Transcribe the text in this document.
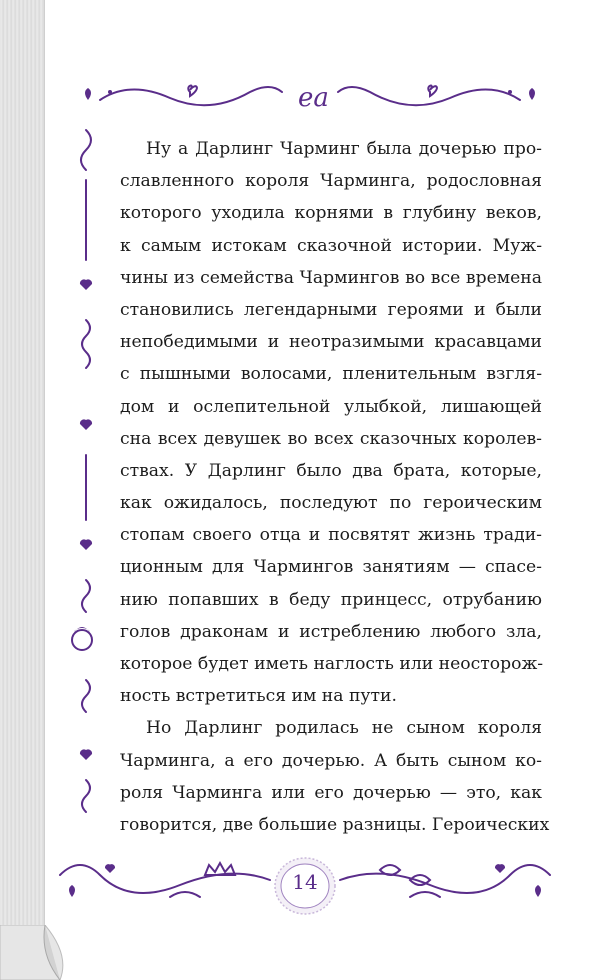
ea

Ну а Дарлинг Чарминг была дочерью про-
славленного короля Чарминга, родословная
которого уходила корнями в глубину веков,
к самым истокам сказочной истории. Муж-
чины из семейства Чармингов во все времена
становились легендарными героями и были
непобедимыми и неотразимыми красавцами
с пышными волосами, пленительным взгля-
дом и ослепительной улыбкой, лишающей
сна всех девушек во всех сказочных королев-
ствах. У Дарлинг было два брата, которые,
как ожидалось, последуют по героическим
стопам своего отца и посвятят жизнь тради-
ционным для Чармингов занятиям — спасе-
нию попавших в беду принцесс, отрубанию
голов драконам и истреблению любого зла,
которое будет иметь наглость или неосторож-
ность встретиться им на пути.

Но Дарлинг родилась не сыном короля
Чарминга, а его дочерью. А быть сыном ко-
роля Чарминга или его дочерью — это, как
говорится, две большие разницы. Героических

14
